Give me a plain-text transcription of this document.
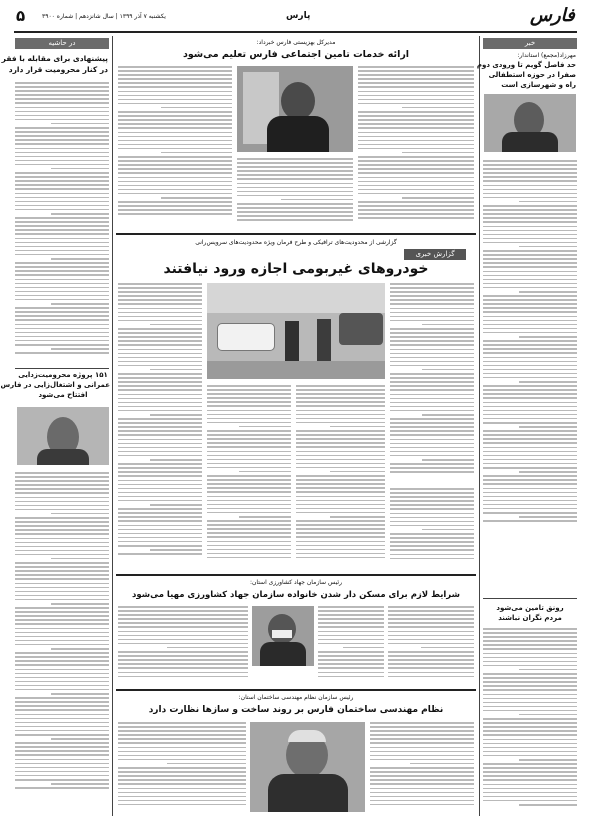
۵	یکشنبه ۷ آذر ۱۳۹۹ | سال شانزدهم | شماره ۳۹۰۰	پارس	فارس
در حاشیه
پیشنهادی برای مقابله با فقر
در کنار محرومیت قرار دارد
۱۵۱ پروژه محرومیت‌زدایی
عمرانی و اشتغال‌زایی در فارس
افتتاح می‌شود
خبر
مهرزاد(مجمع) استاندار:
حد فاصل گویم تا ورودی دوم
صفرا در حوزه استطفالی
راه و شهرسازی است
رونق تامین می‌شود
مردم نگران نباشند
مدیرکل بهزیستی فارس خبرداد:
ارائه خدمات تامین اجتماعی فارس تعلیم می‌شود
گزارشی از محدودیت‌های ترافیکی و طرح فرمان ویژه محدودیت‌های سرویس‌رانی
گزارش خبری
خودروهای غیربومی اجازه ورود نیافتند
رئیس سازمان جهاد کشاورزی استان:
شرایط لازم برای مسکن دار شدن خانواده سازمان جهاد کشاورزی مهیا می‌شود
رئیس سازمان نظام مهندسی ساختمان استان:
نظام مهندسی ساختمان فارس بر روند ساخت و سازها نظارت دارد
